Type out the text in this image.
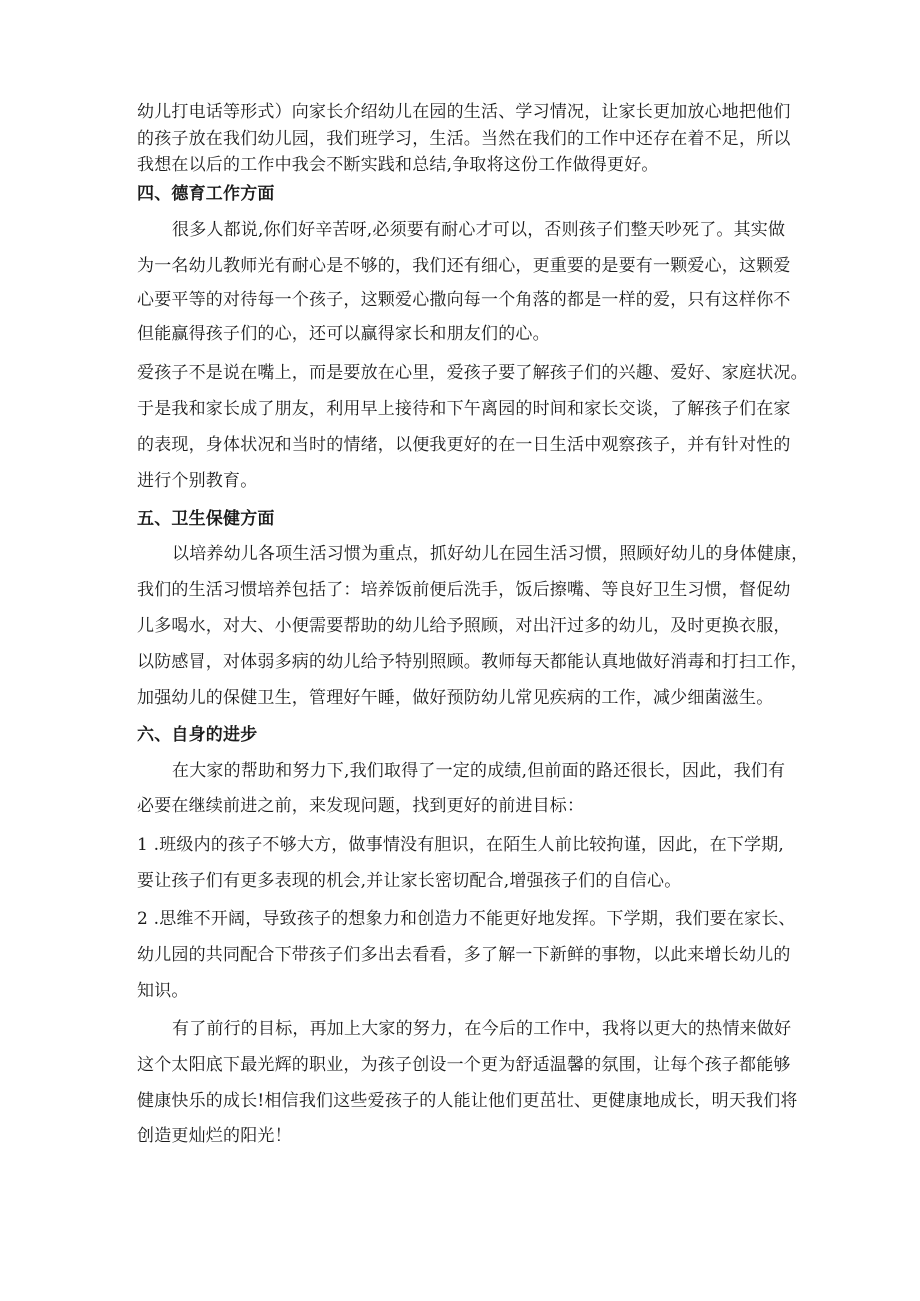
幼儿打电话等形式）向家长介绍幼儿在园的生活、学习情况，让家长更加放心地把他们
的孩子放在我们幼儿园，我们班学习，生活。当然在我们的工作中还存在着不足，所以
我想在以后的工作中我会不断实践和总结,争取将这份工作做得更好。
四、德育工作方面
很多人都说,你们好辛苦呀,必须要有耐心才可以，否则孩子们整天吵死了。其实做
为一名幼儿教师光有耐心是不够的，我们还有细心，更重要的是要有一颗爱心，这颗爱
心要平等的对待每一个孩子，这颗爱心撒向每一个角落的都是一样的爱，只有这样你不
但能赢得孩子们的心，还可以赢得家长和朋友们的心。
爱孩子不是说在嘴上，而是要放在心里，爱孩子要了解孩子们的兴趣、爱好、家庭状况。
于是我和家长成了朋友，利用早上接待和下午离园的时间和家长交谈，了解孩子们在家
的表现，身体状况和当时的情绪，以便我更好的在一日生活中观察孩子，并有针对性的
进行个别教育。
五、卫生保健方面
以培养幼儿各项生活习惯为重点，抓好幼儿在园生活习惯，照顾好幼儿的身体健康，
我们的生活习惯培养包括了：培养饭前便后洗手，饭后擦嘴、等良好卫生习惯，督促幼
儿多喝水，对大、小便需要帮助的幼儿给予照顾，对出汗过多的幼儿，及时更换衣服，
以防感冒，对体弱多病的幼儿给予特别照顾。教师每天都能认真地做好消毒和打扫工作，
加强幼儿的保健卫生，管理好午睡，做好预防幼儿常见疾病的工作，减少细菌滋生。
六、自身的进步
在大家的帮助和努力下,我们取得了一定的成绩,但前面的路还很长，因此，我们有
必要在继续前进之前，来发现问题，找到更好的前进目标：
1 .班级内的孩子不够大方，做事情没有胆识，在陌生人前比较拘谨，因此，在下学期,
要让孩子们有更多表现的机会,并让家长密切配合,增强孩子们的自信心。
2 .思维不开阔，导致孩子的想象力和创造力不能更好地发挥。下学期，我们要在家长、
幼儿园的共同配合下带孩子们多出去看看，多了解一下新鲜的事物，以此来增长幼儿的
知识。
有了前行的目标，再加上大家的努力，在今后的工作中，我将以更大的热情来做好
这个太阳底下最光辉的职业，为孩子创设一个更为舒适温馨的氛围，让每个孩子都能够
健康快乐的成长!相信我们这些爱孩子的人能让他们更茁壮、更健康地成长，明天我们将
创造更灿烂的阳光！
